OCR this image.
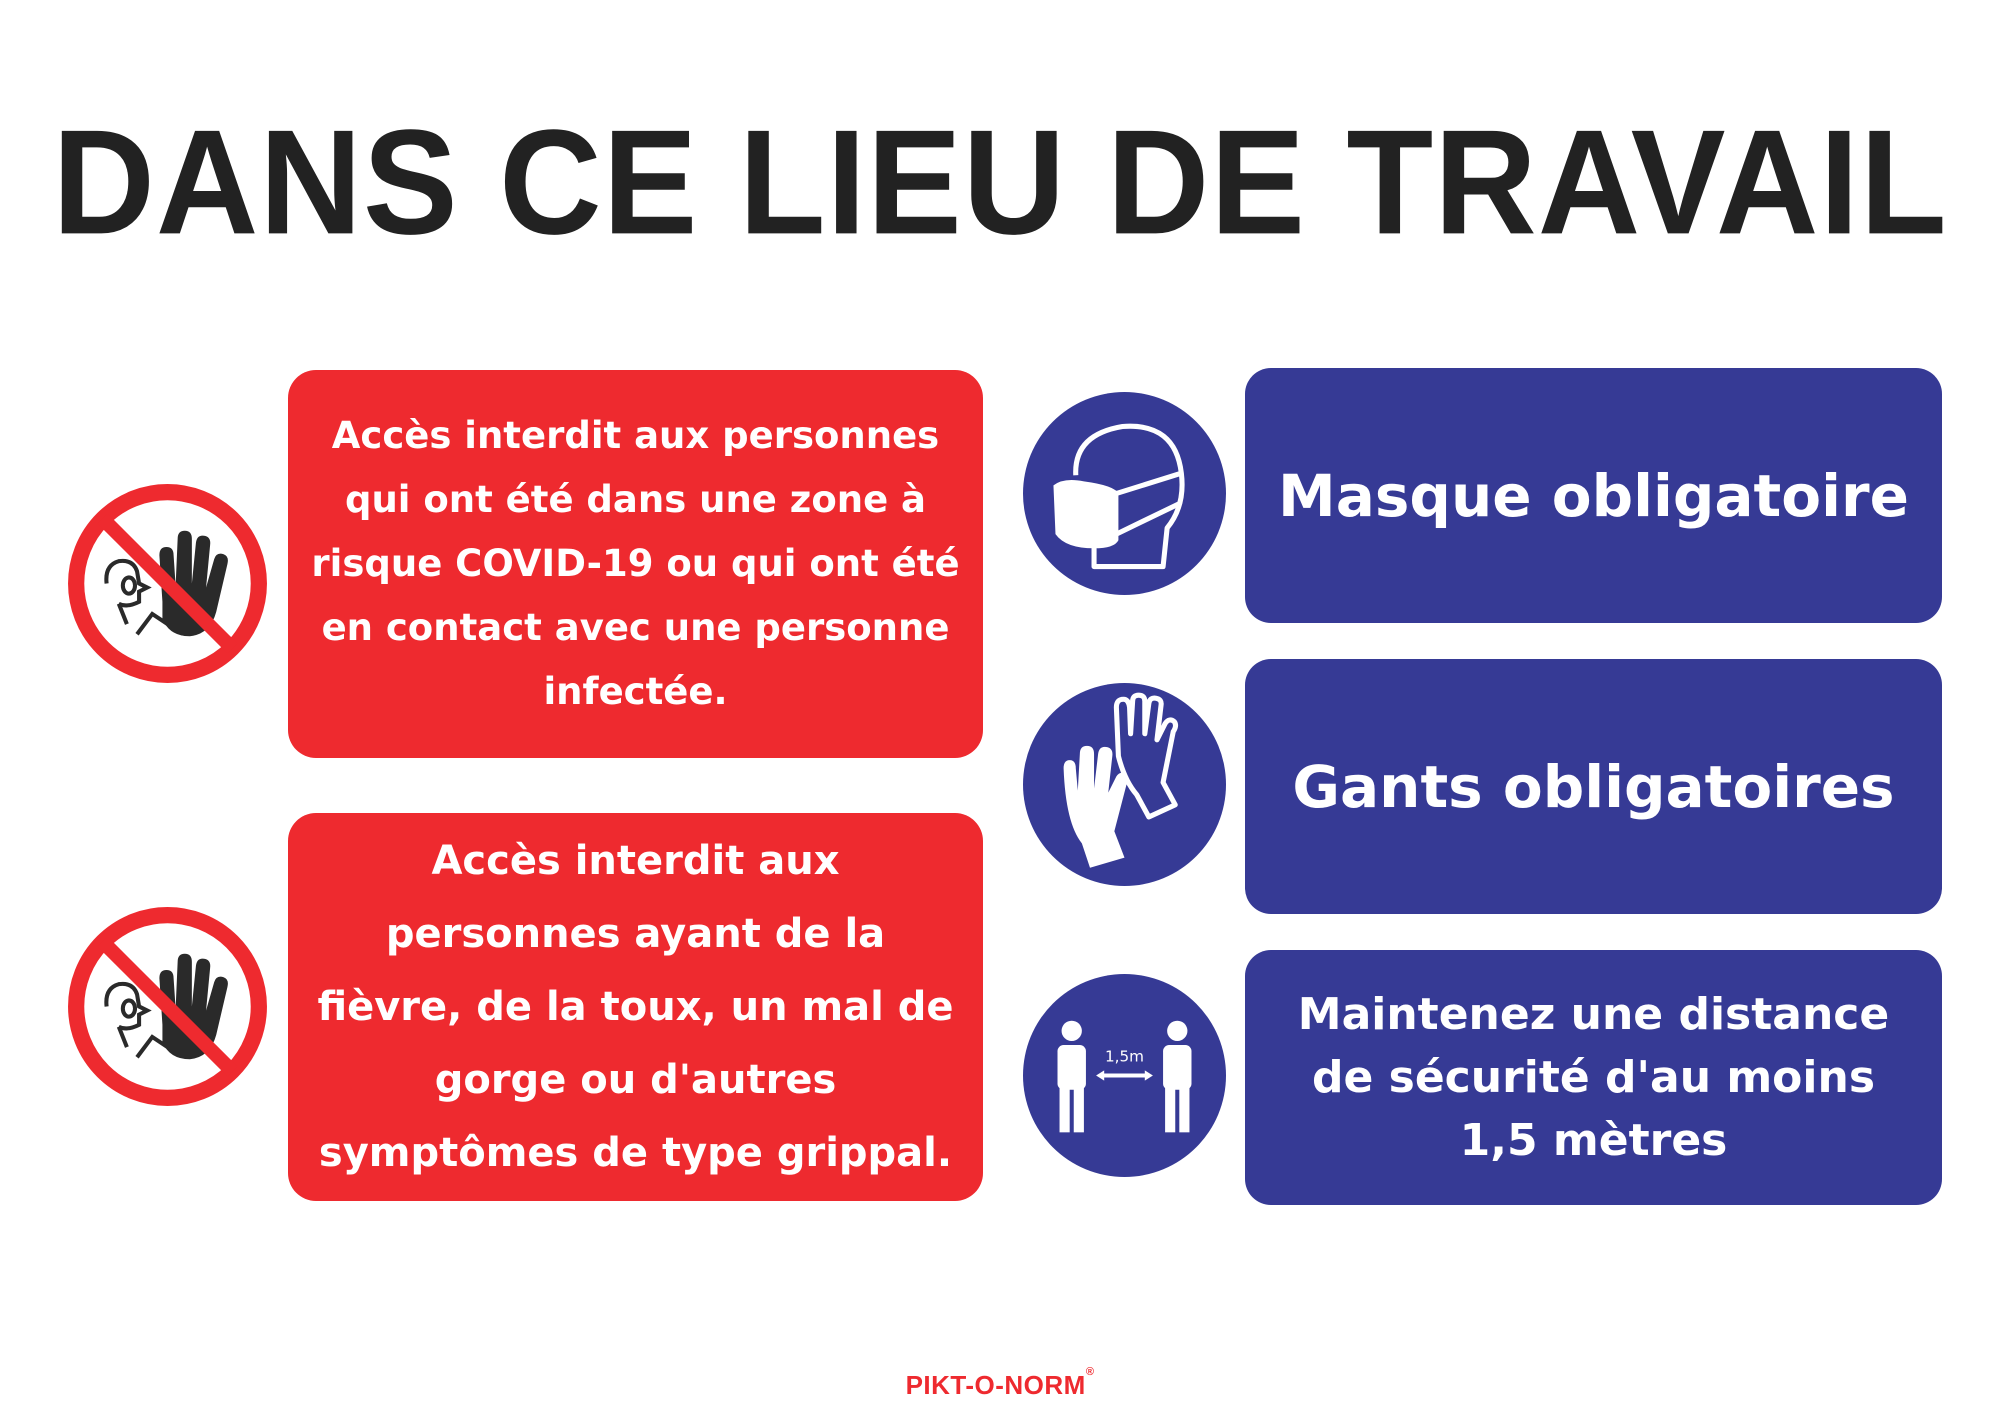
DANS CE LIEU DE TRAVAIL
Accès interdit aux personnes qui ont été dans une zone à risque COVID-19 ou qui ont été en contact avec une personne infectée.
Accès interdit aux personnes ayant de la fièvre, de la toux, un mal de gorge ou d'autres symptômes de type grippal.
Masque obligatoire
Gants obligatoires
1,5m
Maintenez une distance de sécurité d'au moins 1,5 mètres
PIKT-O-NORM®
